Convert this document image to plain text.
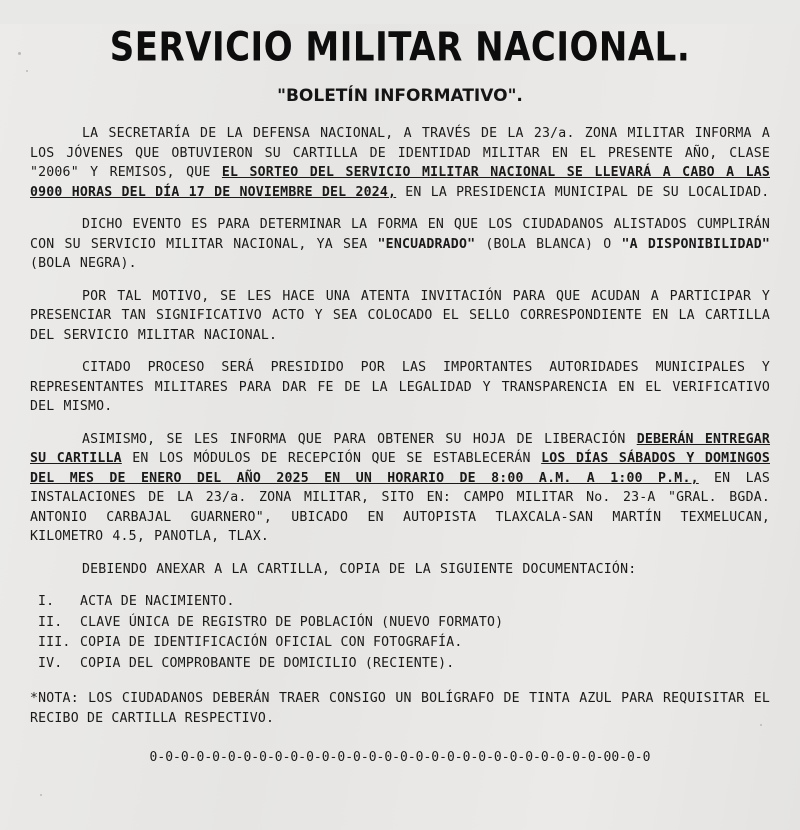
SERVICIO MILITAR NACIONAL.
"BOLETÍN INFORMATIVO".

LA SECRETARÍA DE LA DEFENSA NACIONAL, A TRAVÉS DE LA 23/a. ZONA MILITAR INFORMA A LOS JÓVENES QUE OBTUVIERON SU CARTILLA DE IDENTIDAD MILITAR EN EL PRESENTE AÑO, CLASE "2006" Y REMISOS, QUE EL SORTEO DEL SERVICIO MILITAR NACIONAL SE LLEVARÁ A CABO A LAS 0900 HORAS DEL DÍA 17 DE NOVIEMBRE DEL 2024, EN LA PRESIDENCIA MUNICIPAL DE SU LOCALIDAD.

DICHO EVENTO ES PARA DETERMINAR LA FORMA EN QUE LOS CIUDADANOS ALISTADOS CUMPLIRÁN CON SU SERVICIO MILITAR NACIONAL, YA SEA "ENCUADRADO" (BOLA BLANCA) O "A DISPONIBILIDAD" (BOLA NEGRA).

POR TAL MOTIVO, SE LES HACE UNA ATENTA INVITACIÓN PARA QUE ACUDAN A PARTICIPAR Y PRESENCIAR TAN SIGNIFICATIVO ACTO Y SEA COLOCADO EL SELLO CORRESPONDIENTE EN LA CARTILLA DEL SERVICIO MILITAR NACIONAL.

CITADO PROCESO SERÁ PRESIDIDO POR LAS IMPORTANTES AUTORIDADES MUNICIPALES Y REPRESENTANTES MILITARES PARA DAR FE DE LA LEGALIDAD Y TRANSPARENCIA EN EL VERIFICATIVO DEL MISMO.

ASIMISMO, SE LES INFORMA QUE PARA OBTENER SU HOJA DE LIBERACIÓN DEBERÁN ENTREGAR SU CARTILLA EN LOS MÓDULOS DE RECEPCIÓN QUE SE ESTABLECERÁN LOS DÍAS SÁBADOS Y DOMINGOS DEL MES DE ENERO DEL AÑO 2025 EN UN HORARIO DE 8:00 A.M. A 1:00 P.M., EN LAS INSTALACIONES DE LA 23/a. ZONA MILITAR, SITO EN: CAMPO MILITAR No. 23-A "GRAL. BGDA. ANTONIO CARBAJAL GUARNERO", UBICADO EN AUTOPISTA TLAXCALA-SAN MARTÍN TEXMELUCAN, KILOMETRO 4.5, PANOTLA, TLAX.

DEBIENDO ANEXAR A LA CARTILLA, COPIA DE LA SIGUIENTE DOCUMENTACIÓN:

I. ACTA DE NACIMIENTO.
II. CLAVE ÚNICA DE REGISTRO DE POBLACIÓN (NUEVO FORMATO)
III. COPIA DE IDENTIFICACIÓN OFICIAL CON FOTOGRAFÍA.
IV. COPIA DEL COMPROBANTE DE DOMICILIO (RECIENTE).

*NOTA: LOS CIUDADANOS DEBERÁN TRAER CONSIGO UN BOLÍGRAFO DE TINTA AZUL PARA REQUISITAR EL RECIBO DE CARTILLA RESPECTIVO.

0-0-0-0-0-0-0-0-0-0-0-0-0-0-0-0-0-0-0-0-0-0-0-0-0-0-0-0-0-00-0-0
